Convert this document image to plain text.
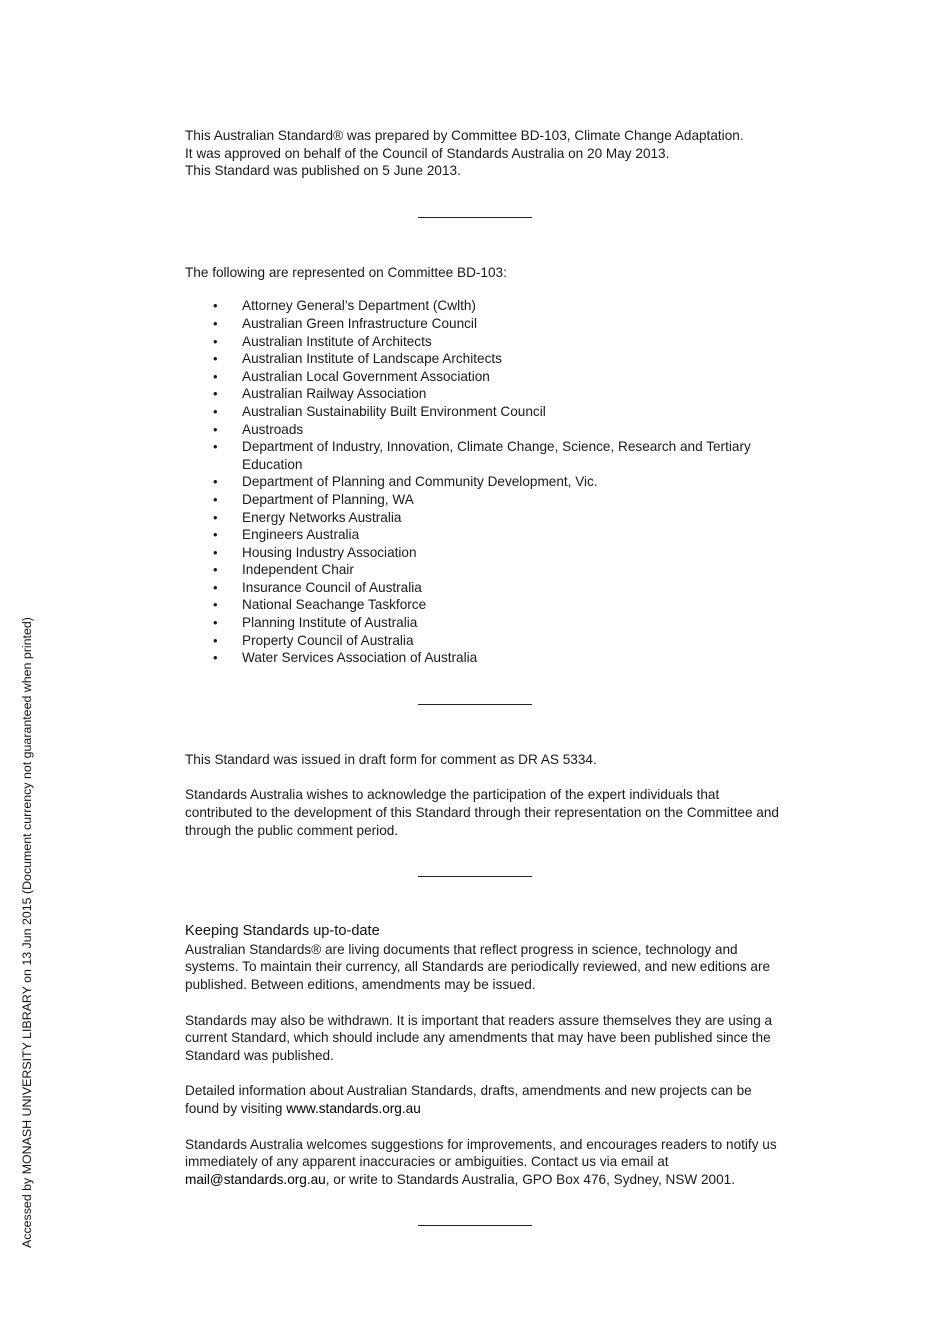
Accessed by MONASH UNIVERSITY LIBRARY on 13 Jun 2015 (Document currency not guaranteed when printed)

This Australian Standard® was prepared by Committee BD-103, Climate Change Adaptation.

It was approved on behalf of the Council of Standards Australia on 20 May 2013.

This Standard was published on 5 June 2013.

The following are represented on Committee BD-103:

• Attorney General’s Department (Cwlth)
• Australian Green Infrastructure Council
• Australian Institute of Architects
• Australian Institute of Landscape Architects
• Australian Local Government Association
• Australian Railway Association
• Australian Sustainability Built Environment Council
• Austroads
• Department of Industry, Innovation, Climate Change, Science, Research and Tertiary Education
• Department of Planning and Community Development, Vic.
• Department of Planning, WA
• Energy Networks Australia
• Engineers Australia
• Housing Industry Association
• Independent Chair
• Insurance Council of Australia
• National Seachange Taskforce
• Planning Institute of Australia
• Property Council of Australia
• Water Services Association of Australia

This Standard was issued in draft form for comment as DR AS 5334.

Standards Australia wishes to acknowledge the participation of the expert individuals that contributed to the development of this Standard through their representation on the Committee and through the public comment period.

Keeping Standards up-to-date

Australian Standards® are living documents that reflect progress in science, technology and systems. To maintain their currency, all Standards are periodically reviewed, and new editions are published. Between editions, amendments may be issued.

Standards may also be withdrawn. It is important that readers assure themselves they are using a current Standard, which should include any amendments that may have been published since the Standard was published.

Detailed information about Australian Standards, drafts, amendments and new projects can be found by visiting www.standards.org.au

Standards Australia welcomes suggestions for improvements, and encourages readers to notify us immediately of any apparent inaccuracies or ambiguities. Contact us via email at mail@standards.org.au, or write to Standards Australia, GPO Box 476, Sydney, NSW 2001.
